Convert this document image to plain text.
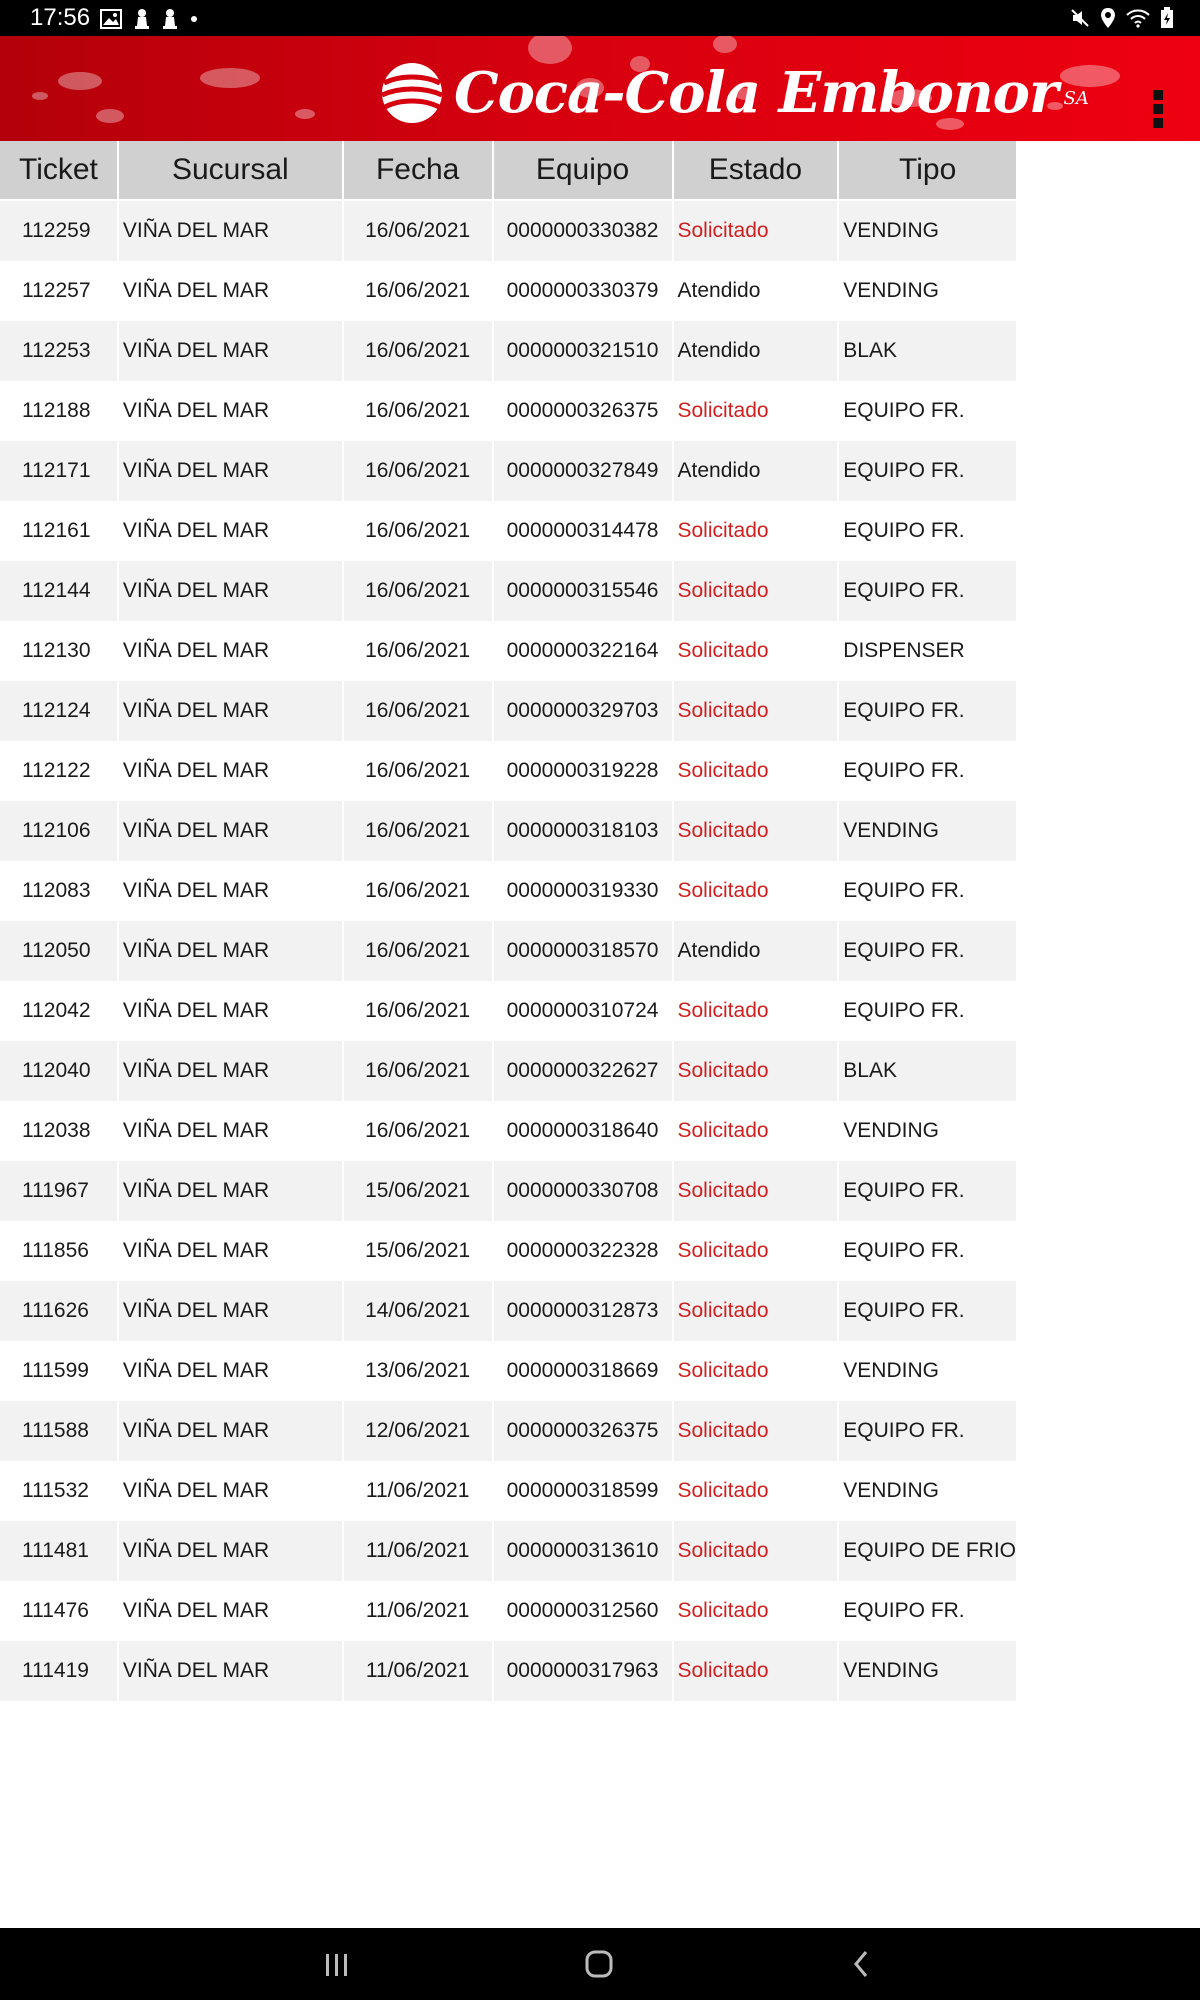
17:56
Coca-Cola Embonor SA
Ticket	Sucursal	Fecha	Equipo	Estado	Tipo

112259	VIÑA DEL MAR	16/06/2021	0000000330382	Solicitado	VENDING
112257	VIÑA DEL MAR	16/06/2021	0000000330379	Atendido	VENDING
112253	VIÑA DEL MAR	16/06/2021	0000000321510	Atendido	BLAK
112188	VIÑA DEL MAR	16/06/2021	0000000326375	Solicitado	EQUIPO FR.
112171	VIÑA DEL MAR	16/06/2021	0000000327849	Atendido	EQUIPO FR.
112161	VIÑA DEL MAR	16/06/2021	0000000314478	Solicitado	EQUIPO FR.
112144	VIÑA DEL MAR	16/06/2021	0000000315546	Solicitado	EQUIPO FR.
112130	VIÑA DEL MAR	16/06/2021	0000000322164	Solicitado	DISPENSER
112124	VIÑA DEL MAR	16/06/2021	0000000329703	Solicitado	EQUIPO FR.
112122	VIÑA DEL MAR	16/06/2021	0000000319228	Solicitado	EQUIPO FR.
112106	VIÑA DEL MAR	16/06/2021	0000000318103	Solicitado	VENDING
112083	VIÑA DEL MAR	16/06/2021	0000000319330	Solicitado	EQUIPO FR.
112050	VIÑA DEL MAR	16/06/2021	0000000318570	Atendido	EQUIPO FR.
112042	VIÑA DEL MAR	16/06/2021	0000000310724	Solicitado	EQUIPO FR.
112040	VIÑA DEL MAR	16/06/2021	0000000322627	Solicitado	BLAK
112038	VIÑA DEL MAR	16/06/2021	0000000318640	Solicitado	VENDING
111967	VIÑA DEL MAR	15/06/2021	0000000330708	Solicitado	EQUIPO FR.
111856	VIÑA DEL MAR	15/06/2021	0000000322328	Solicitado	EQUIPO FR.
111626	VIÑA DEL MAR	14/06/2021	0000000312873	Solicitado	EQUIPO FR.
111599	VIÑA DEL MAR	13/06/2021	0000000318669	Solicitado	VENDING
111588	VIÑA DEL MAR	12/06/2021	0000000326375	Solicitado	EQUIPO FR.
111532	VIÑA DEL MAR	11/06/2021	0000000318599	Solicitado	VENDING
111481	VIÑA DEL MAR	11/06/2021	0000000313610	Solicitado	EQUIPO DE FRIO
111476	VIÑA DEL MAR	11/06/2021	0000000312560	Solicitado	EQUIPO FR.
111419	VIÑA DEL MAR	11/06/2021	0000000317963	Solicitado	VENDING
